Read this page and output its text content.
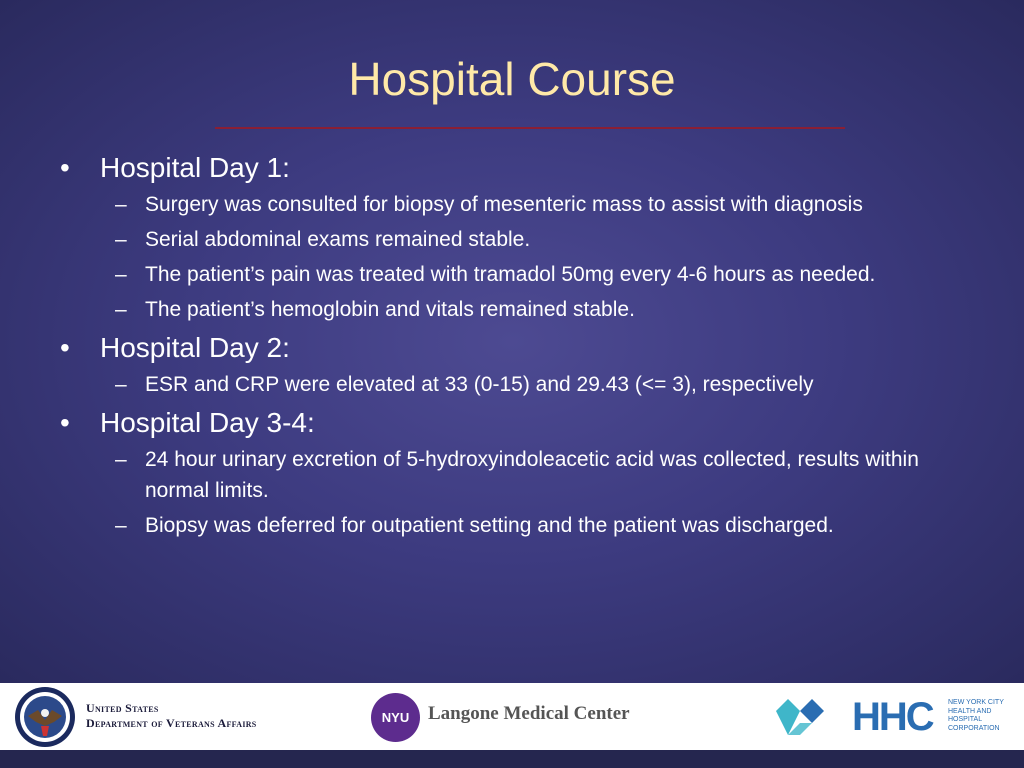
Hospital Course
•	Hospital Day 1:
– Surgery was consulted for biopsy of mesenteric mass to assist with diagnosis
– Serial abdominal exams remained stable.
– The patient’s pain was treated with tramadol 50mg every 4-6 hours as needed.
– The patient’s hemoglobin and vitals remained stable.
•	Hospital Day 2:
– ESR and CRP were elevated at 33 (0-15) and 29.43 (<= 3), respectively
•	Hospital Day 3-4:
– 24 hour urinary excretion of 5-hydroxyindoleacetic acid was collected, results within normal limits.
– Biopsy was deferred for outpatient setting and the patient was discharged.
United States
Department of Veterans Affairs	NYU Langone Medical Center	HHC NEW YORK CITY
HEALTH AND
HOSPITAL
CORPORATION
